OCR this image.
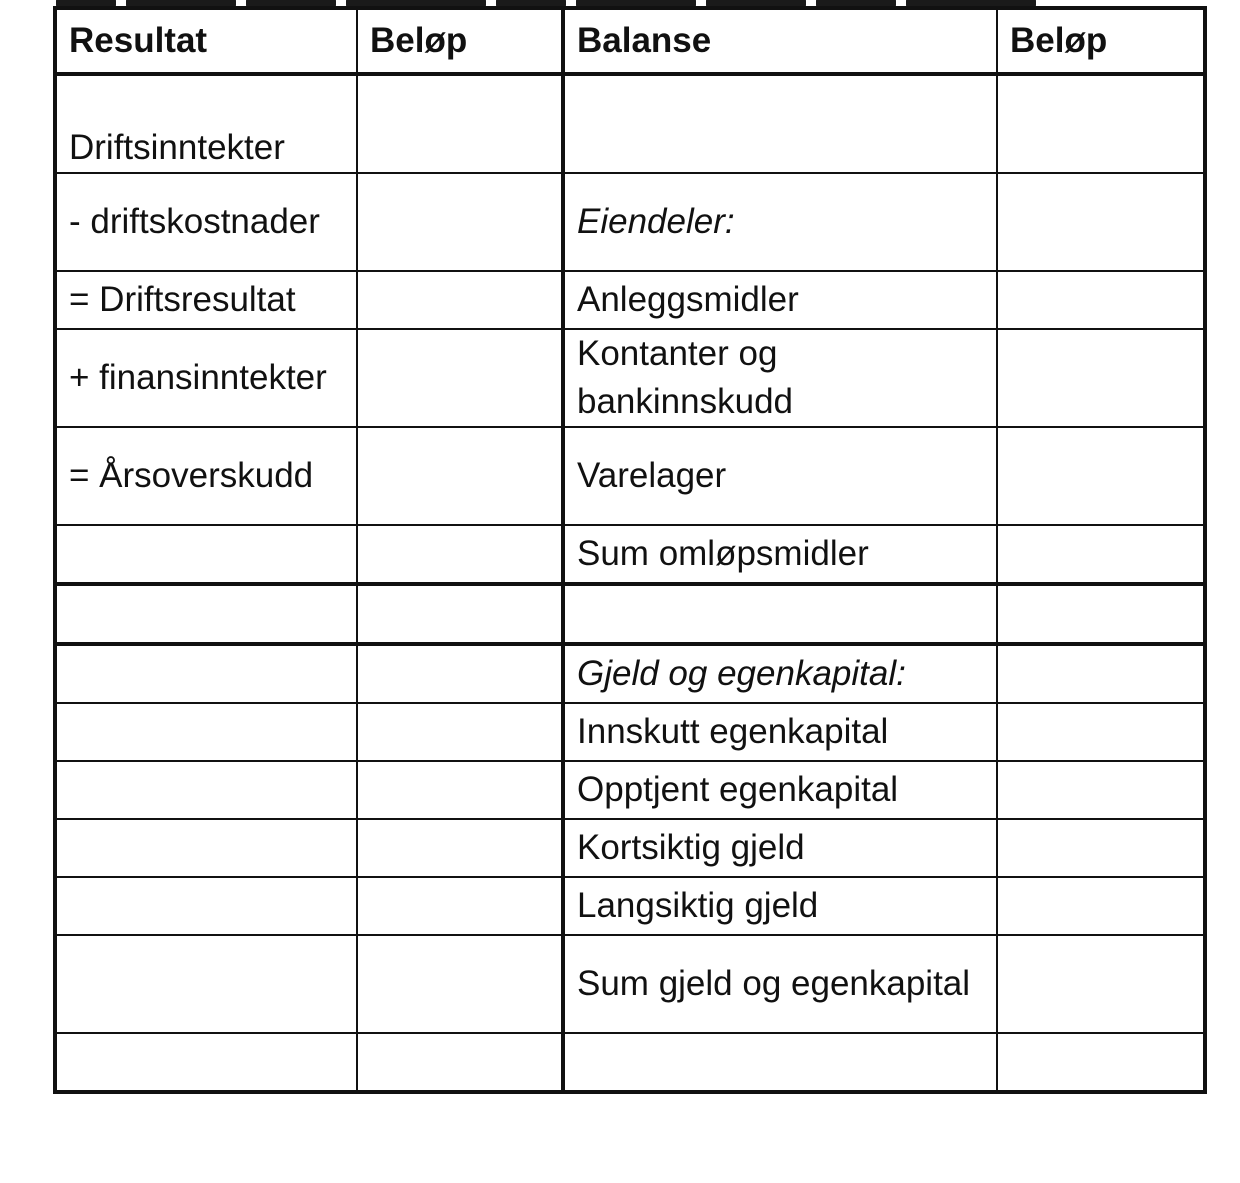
Resultat	Beløp	Balanse	Beløp
Driftsinntekter			
- driftskostnader		Eiendeler:	
= Driftsresultat		Anleggsmidler	
+ finansinntekter		Kontanter og bankinnskudd	
= Årsoverskudd		Varelager	
		Sum omløpsmidler	

		Gjeld og egenkapital:	
		Innskutt egenkapital	
		Opptjent egenkapital	
		Kortsiktig gjeld	
		Langsiktig gjeld	
		Sum gjeld og egenkapital	
